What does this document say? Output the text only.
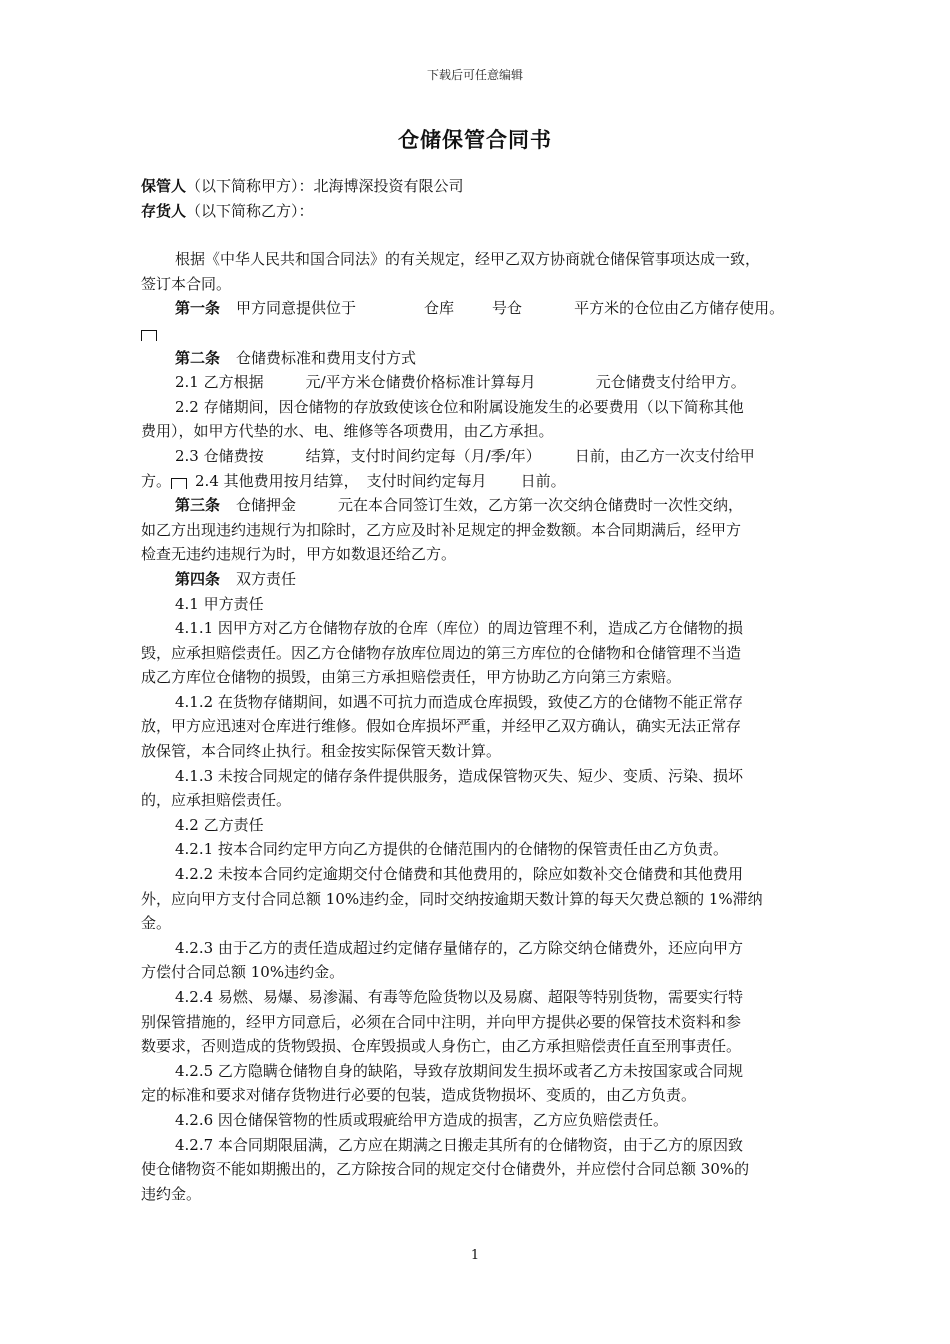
下载后可任意编辑
仓储保管合同书
保管人（以下简称甲方）：北海博深投资有限公司
存货人（以下简称乙方）：
根据《中华人民共和国合同法》的有关规定，经甲乙双方协商就仓储保管事项达成一致，
签订本合同。
第一条 甲方同意提供位于	仓库	号仓	平方米的仓位由乙方储存使用。
第二条 仓储费标准和费用支付方式
2.1 乙方根据	元/平方米仓储费价格标准计算每月	元仓储费支付给甲方。
2.2 存储期间，因仓储物的存放致使该仓位和附属设施发生的必要费用（以下简称其他
费用），如甲方代垫的水、电、维修等各项费用，由乙方承担。
2.3 仓储费按	结算，支付时间约定每（月/季/年） 日前，由乙方一次支付给甲
方。 2.4 其他费用按月结算， 支付时间约定每月 日前。
第三条 仓储押金	元在本合同签订生效，乙方第一次交纳仓储费时一次性交纳，
如乙方出现违约违规行为扣除时，乙方应及时补足规定的押金数额。本合同期满后，经甲方
检查无违约违规行为时，甲方如数退还给乙方。
第四条 双方责任
4.1 甲方责任
4.1.1 因甲方对乙方仓储物存放的仓库（库位）的周边管理不利，造成乙方仓储物的损
毁，应承担赔偿责任。因乙方仓储物存放库位周边的第三方库位的仓储物和仓储管理不当造
成乙方库位仓储物的损毁，由第三方承担赔偿责任，甲方协助乙方向第三方索赔。
4.1.2 在货物存储期间，如遇不可抗力而造成仓库损毁，致使乙方的仓储物不能正常存
放，甲方应迅速对仓库进行维修。假如仓库损坏严重，并经甲乙双方确认，确实无法正常存
放保管，本合同终止执行。租金按实际保管天数计算。
4.1.3 未按合同规定的储存条件提供服务，造成保管物灭失、短少、变质、污染、损坏
的，应承担赔偿责任。
4.2 乙方责任
4.2.1 按本合同约定甲方向乙方提供的仓储范围内的仓储物的保管责任由乙方负责。
4.2.2 未按本合同约定逾期交付仓储费和其他费用的，除应如数补交仓储费和其他费用
外，应向甲方支付合同总额 10%违约金，同时交纳按逾期天数计算的每天欠费总额的 1%滞纳
金。
4.2.3 由于乙方的责任造成超过约定储存量储存的，乙方除交纳仓储费外，还应向甲方
方偿付合同总额 10%违约金。
4.2.4 易燃、易爆、易渗漏、有毒等危险货物以及易腐、超限等特别货物，需要实行特
别保管措施的，经甲方同意后，必须在合同中注明，并向甲方提供必要的保管技术资料和参
数要求，否则造成的货物毁损、仓库毁损或人身伤亡，由乙方承担赔偿责任直至刑事责任。
4.2.5 乙方隐瞒仓储物自身的缺陷，导致存放期间发生损坏或者乙方未按国家或合同规
定的标准和要求对储存货物进行必要的包装，造成货物损坏、变质的，由乙方负责。
4.2.6 因仓储保管物的性质或瑕疵给甲方造成的损害，乙方应负赔偿责任。
4.2.7 本合同期限届满，乙方应在期满之日搬走其所有的仓储物资，由于乙方的原因致
使仓储物资不能如期搬出的，乙方除按合同的规定交付仓储费外，并应偿付合同总额 30%的
违约金。
1
